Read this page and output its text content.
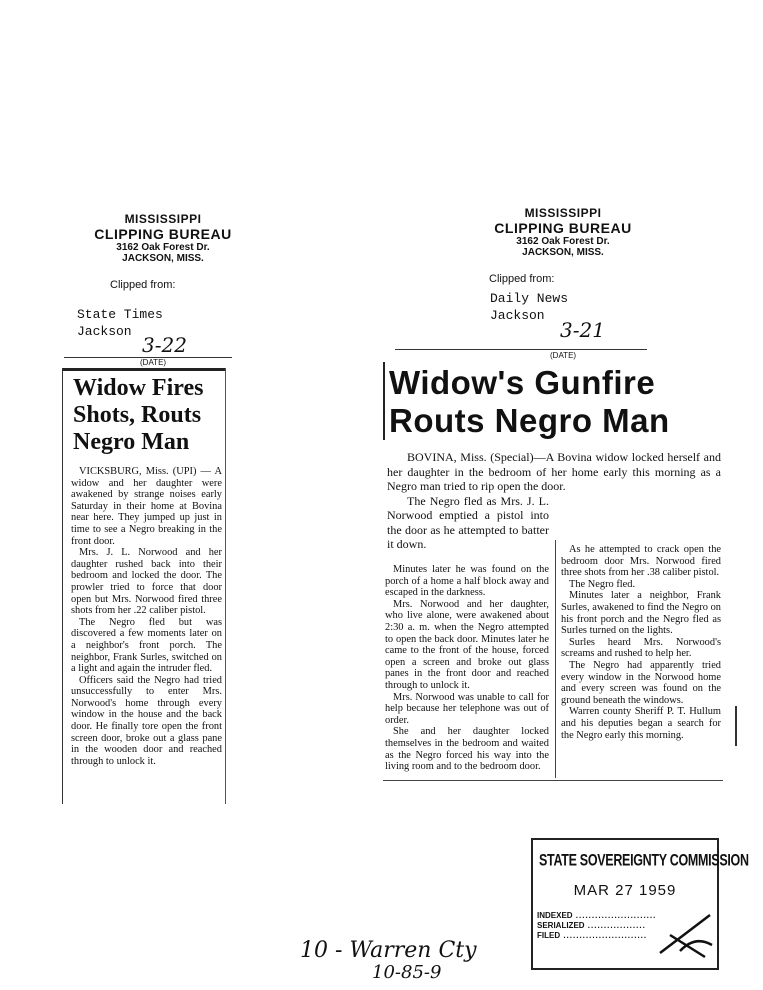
MISSISSIPPI
CLIPPING BUREAU
3162 Oak Forest Dr.
JACKSON, MISS.
Clipped from:
State Times
Jackson
3-22
(DATE)
Widow Fires
Shots, Routs
Negro Man

VICKSBURG, Miss. (UPI) — A widow and her daughter were awakened by strange noises early Saturday in their home at Bovina near here. They jumped up just in time to see a Negro breaking in the front door.

Mrs. J. L. Norwood and her daughter rushed back into their bedroom and locked the door. The prowler tried to force that door open but Mrs. Norwood fired three shots from her .22 caliber pistol.

The Negro fled but was discovered a few moments later on a neighbor's front porch. The neighbor, Frank Surles, switched on a light and again the intruder fled.

Officers said the Negro had tried unsuccessfully to enter Mrs. Norwood's home through every window in the house and the back door. He finally tore open the front screen door, broke out a glass pane in the wooden door and reached through to unlock it.

MISSISSIPPI
CLIPPING BUREAU
3162 Oak Forest Dr.
JACKSON, MISS.
Clipped from:
Daily News
Jackson
3-21
(DATE)
Widow's Gunfire
Routs Negro Man

BOVINA, Miss. (Special)—A Bovina widow locked herself and her daughter in the bedroom of her home early this morning as a Negro man tried to rip open the door.

The Negro fled as Mrs. J. L. Norwood emptied a pistol into the door as he attempted to batter it down.

Minutes later he was found on the porch of a home a half block away and escaped in the darkness.

Mrs. Norwood and her daughter, who live alone, were awakened about 2:30 a. m. when the Negro attempted to open the back door. Minutes later he came to the front of the house, forced open a screen and broke out glass panes in the front door and reached through to unlock it.

Mrs. Norwood was unable to call for help because her telephone was out of order.

She and her daughter locked themselves in the bedroom and waited as the Negro forced his way into the living room and to the bedroom door.

As he attempted to crack open the bedroom door Mrs. Norwood fired three shots from her .38 caliber pistol.

The Negro fled.

Minutes later a neighbor, Frank Surles, awakened to find the Negro on his front porch and the Negro fled as Surles turned on the lights.

Surles heard Mrs. Norwood's screams and rushed to help her.

The Negro had apparently tried every window in the Norwood home and every screen was found on the ground beneath the windows.

Warren county Sheriff P. T. Hullum and his deputies began a search for the Negro early this morning.

STATE SOVEREIGNTY COMMISSION
MAR 27 1959
INDEXED .........................
SERIALIZED ..................
FILED ..........................
10 - Warren Cty
10-85-9
